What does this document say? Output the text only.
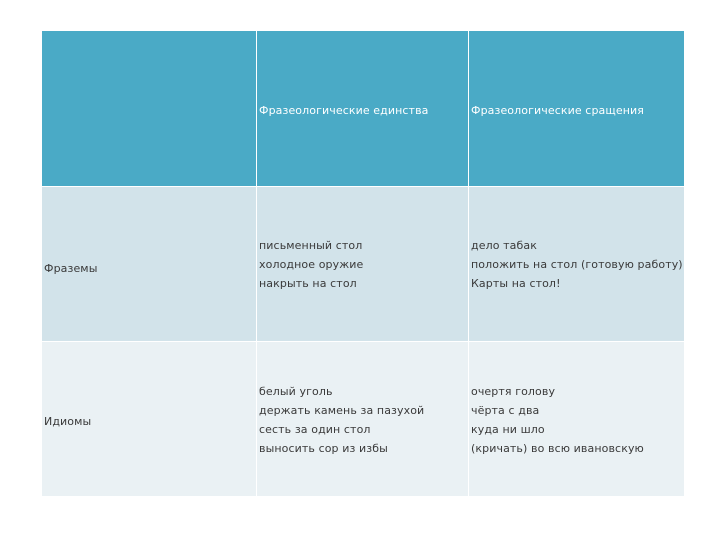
Фразеологические единства	Фразеологические сращения
Фраземы
письменный стол
холодное оружие
накрыть на стол
дело табак
положить на стол (готовую работу)
Карты на стол!
Идиомы
белый уголь
держать камень за пазухой
сесть за один стол
выносить сор из избы
очертя голову
чёрта с два
куда ни шло
(кричать) во всю ивановскую
